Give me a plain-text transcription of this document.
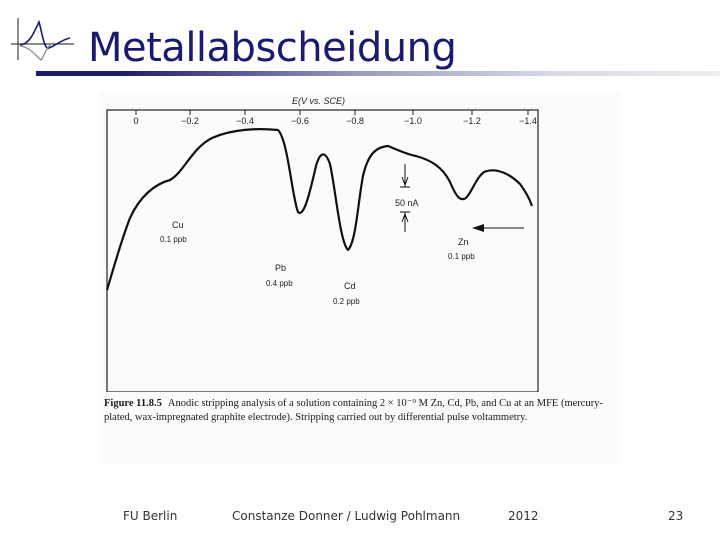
Metallabscheidung
E(V vs. SCE)
0	−0.2	−0.4	−0.6	−0.8	−1.0	−1.2	−1.4
50 nA
Cu
0.1 ppb
Pb
0.4 ppb	Cd
0.2 ppb
Zn
0.1 ppb
Figure 11.8.5 Anodic stripping analysis of a solution containing 2 × 10⁻⁹ M Zn, Cd, Pb, and Cu at an MFE (mercury-plated, wax-impregnated graphite electrode). Stripping carried out by differential pulse voltammetry.
FU Berlin	Constanze Donner / Ludwig Pohlmann	2012	23
